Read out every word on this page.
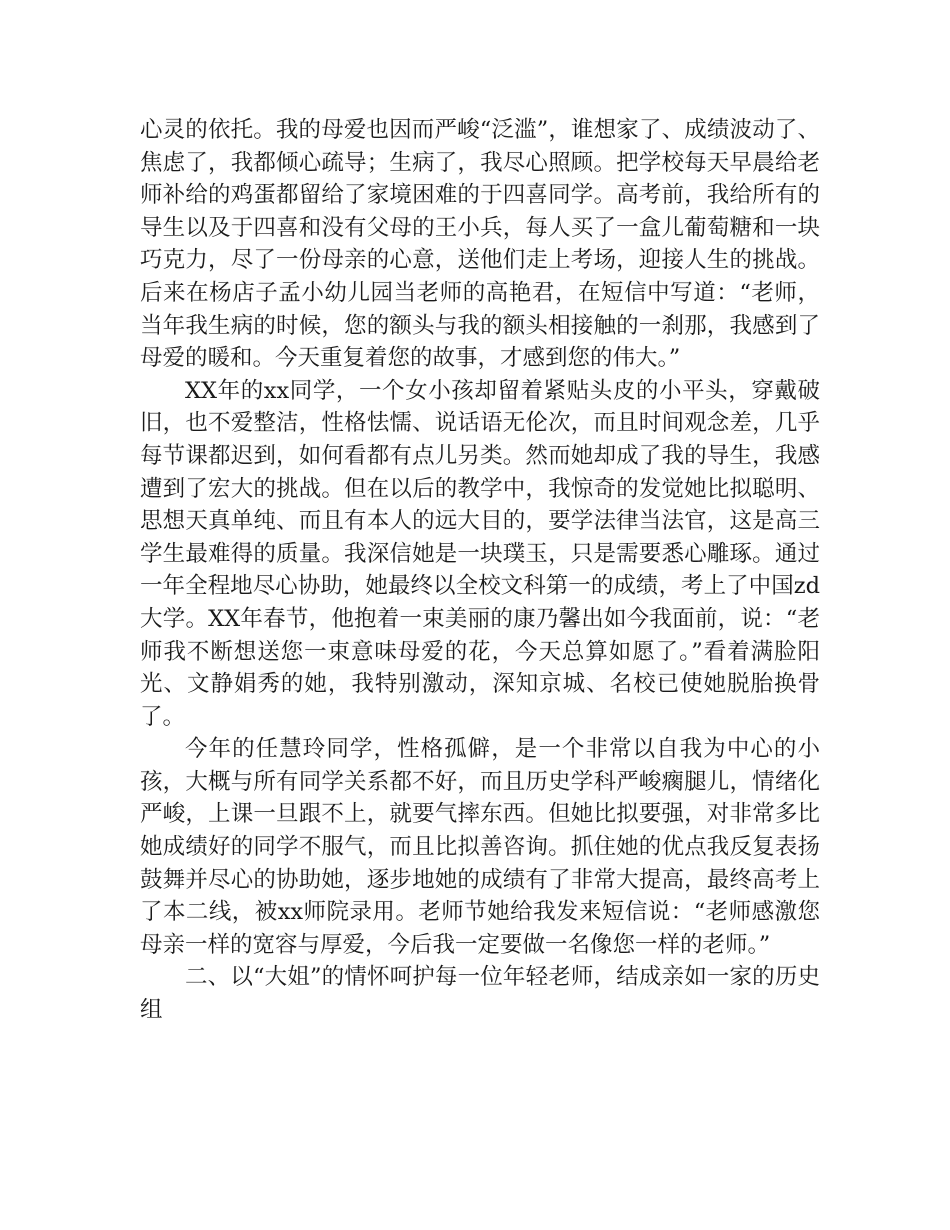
心灵的依托。我的母爱也因而严峻“泛滥”，谁想家了、成绩波动了、焦虑了，我都倾心疏导；生病了，我尽心照顾。把学校每天早晨给老师补给的鸡蛋都留给了家境困难的于四喜同学。高考前，我给所有的导生以及于四喜和没有父母的王小兵，每人买了一盒儿葡萄糖和一块巧克力，尽了一份母亲的心意，送他们走上考场，迎接人生的挑战。后来在杨店子孟小幼儿园当老师的高艳君，在短信中写道：“老师，当年我生病的时候，您的额头与我的额头相接触的一刹那，我感到了母爱的暖和。今天重复着您的故事，才感到您的伟大。”

XX年的xx同学，一个女小孩却留着紧贴头皮的小平头，穿戴破旧，也不爱整洁，性格怯懦、说话语无伦次，而且时间观念差，几乎每节课都迟到，如何看都有点儿另类。然而她却成了我的导生，我感遭到了宏大的挑战。但在以后的教学中，我惊奇的发觉她比拟聪明、思想天真单纯、而且有本人的远大目的，要学法律当法官，这是高三学生最难得的质量。我深信她是一块璞玉，只是需要悉心雕琢。通过一年全程地尽心协助，她最终以全校文科第一的成绩，考上了中国zd大学。XX年春节，他抱着一束美丽的康乃馨出如今我面前，说：“老师我不断想送您一束意味母爱的花，今天总算如愿了。”看着满脸阳光、文静娟秀的她，我特别激动，深知京城、名校已使她脱胎换骨了。

今年的任慧玲同学，性格孤僻，是一个非常以自我为中心的小孩，大概与所有同学关系都不好，而且历史学科严峻瘸腿儿，情绪化严峻，上课一旦跟不上，就要气摔东西。但她比拟要强，对非常多比她成绩好的同学不服气，而且比拟善咨询。抓住她的优点我反复表扬鼓舞并尽心的协助她，逐步地她的成绩有了非常大提高，最终高考上了本二线，被xx师院录用。老师节她给我发来短信说：“老师感激您母亲一样的宽容与厚爱，今后我一定要做一名像您一样的老师。”

二、以“大姐”的情怀呵护每一位年轻老师，结成亲如一家的历史组
